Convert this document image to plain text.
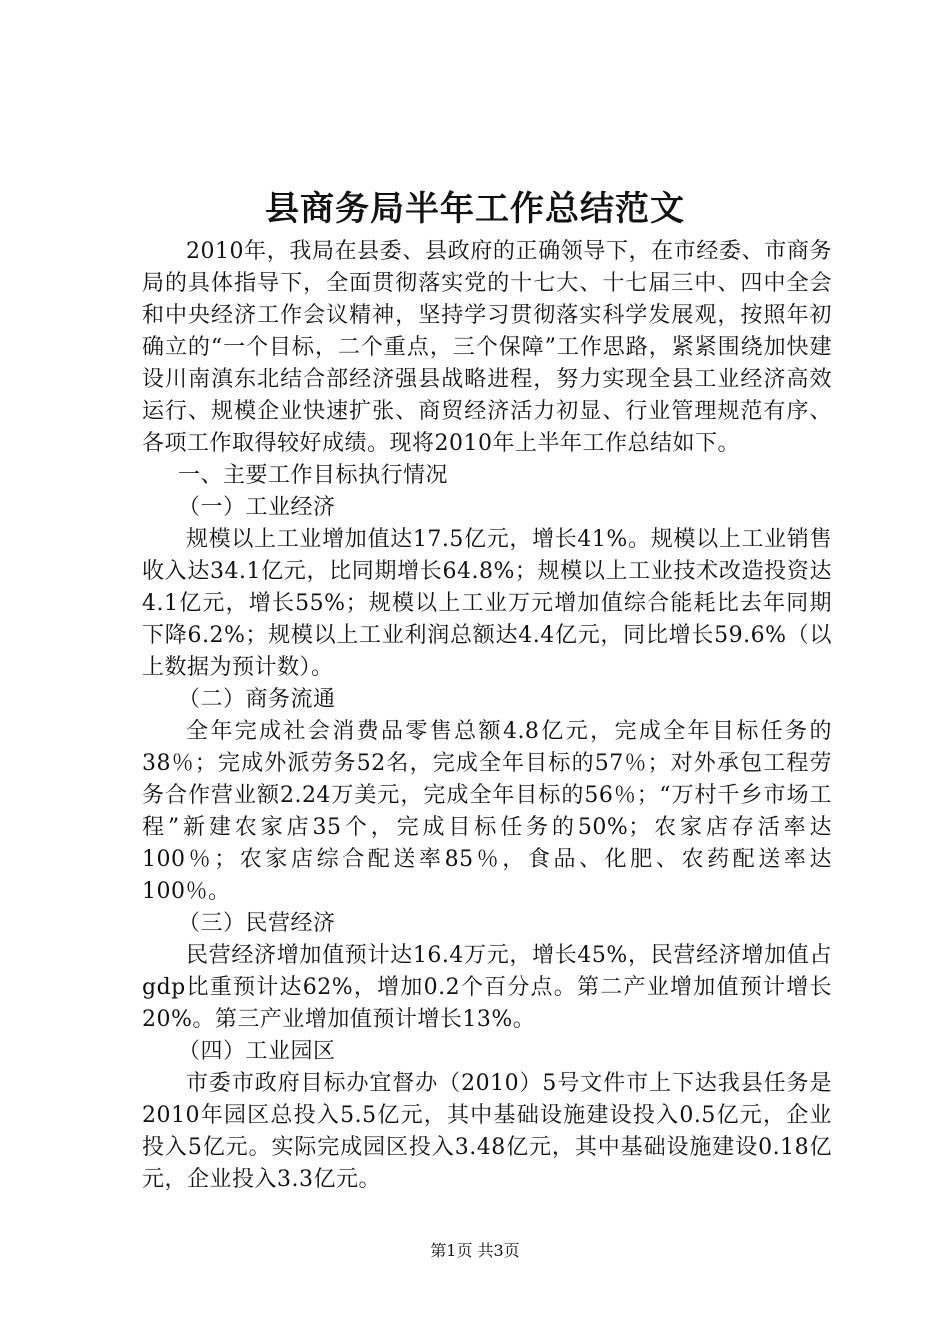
县商务局半年工作总结范文

2010年，我局在县委、县政府的正确领导下，在市经委、市商务局的具体指导下，全面贯彻落实党的十七大、十七届三中、四中全会和中央经济工作会议精神，坚持学习贯彻落实科学发展观，按照年初确立的“一个目标，二个重点，三个保障”工作思路，紧紧围绕加快建设川南滇东北结合部经济强县战略进程，努力实现全县工业经济高效运行、规模企业快速扩张、商贸经济活力初显、行业管理规范有序、各项工作取得较好成绩。现将2010年上半年工作总结如下。

一、主要工作目标执行情况

（一）工业经济

规模以上工业增加值达17.5亿元，增长41%。规模以上工业销售收入达34.1亿元，比同期增长64.8%；规模以上工业技术改造投资达4.1亿元，增长55%；规模以上工业万元增加值综合能耗比去年同期下降6.2%；规模以上工业利润总额达4.4亿元，同比增长59.6%（以上数据为预计数）。

（二）商务流通

全年完成社会消费品零售总额4.8亿元，完成全年目标任务的38％；完成外派劳务52名，完成全年目标的57％；对外承包工程劳务合作营业额2.24万美元，完成全年目标的56％；“万村千乡市场工程”新建农家店35个，完成目标任务的50%；农家店存活率达100％；农家店综合配送率85％，食品、化肥、农药配送率达100％。

（三）民营经济

民营经济增加值预计达16.4万元，增长45%，民营经济增加值占gdp比重预计达62%，增加0.2个百分点。第二产业增加值预计增长20%。第三产业增加值预计增长13%。

（四）工业园区

市委市政府目标办宜督办（2010）5号文件市上下达我县任务是2010年园区总投入5.5亿元，其中基础设施建设投入0.5亿元，企业投入5亿元。实际完成园区投入3.48亿元，其中基础设施建设0.18亿元，企业投入3.3亿元。

第1页 共3页
